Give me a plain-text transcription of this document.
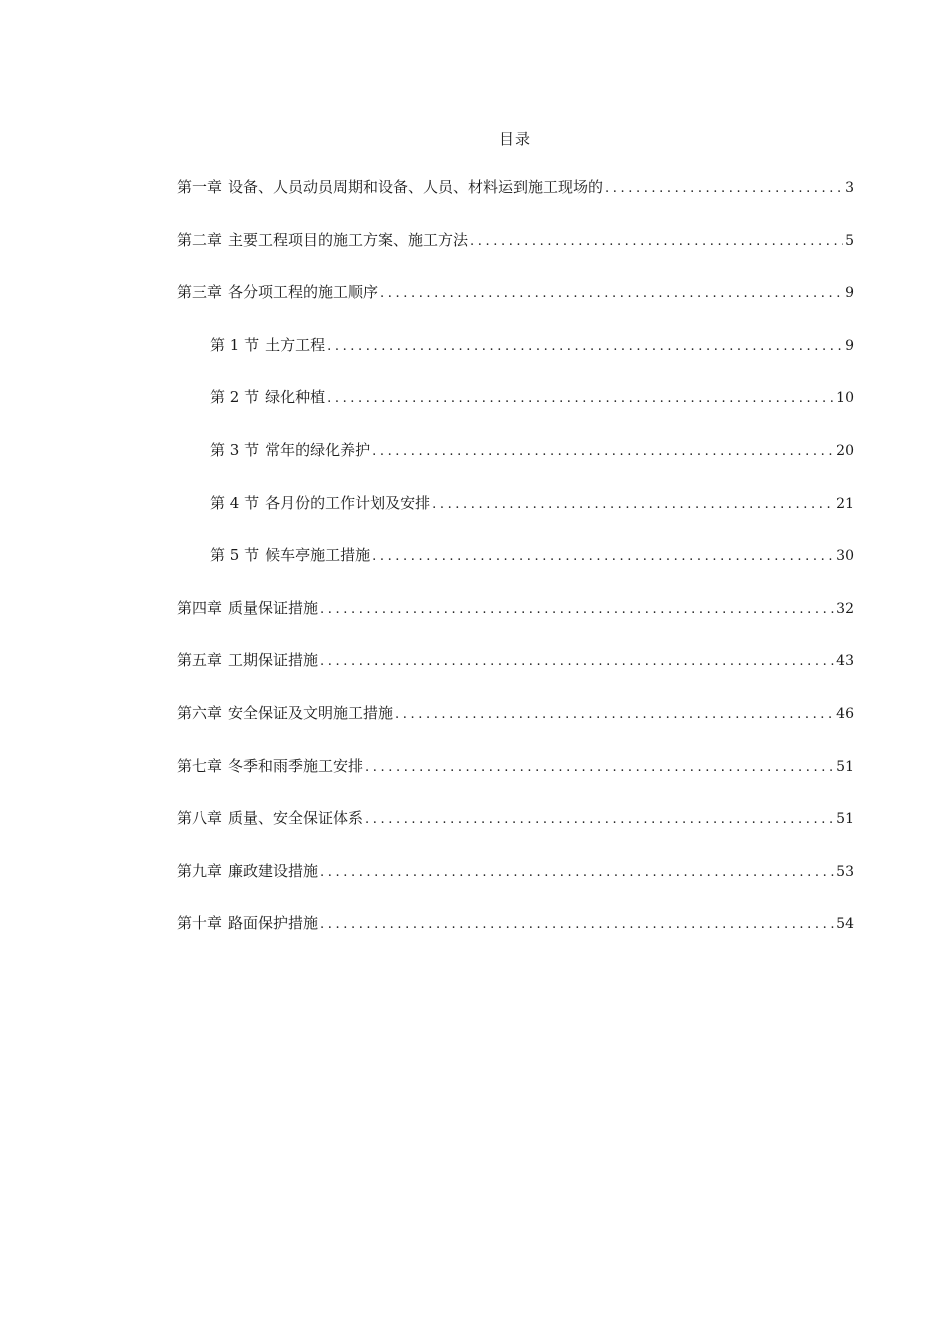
目录
第一章 设备、人员动员周期和设备、人员、材料运到施工现场的 .....	3
第二章 主要工程项目的施工方案、施工方法 .....	5
第三章 各分项工程的施工顺序 .....	9
第 1 节 土方工程 .....	9
第 2 节 绿化种植 .....	10
第 3 节 常年的绿化养护 .....	20
第 4 节 各月份的工作计划及安排 .....	21
第 5 节 候车亭施工措施 .....	30
第四章 质量保证措施 .....	32
第五章 工期保证措施 .....	43
第六章 安全保证及文明施工措施 .....	46
第七章 冬季和雨季施工安排 .....	51
第八章 质量、安全保证体系 .....	51
第九章 廉政建设措施 .....	53
第十章 路面保护措施 .....	54
